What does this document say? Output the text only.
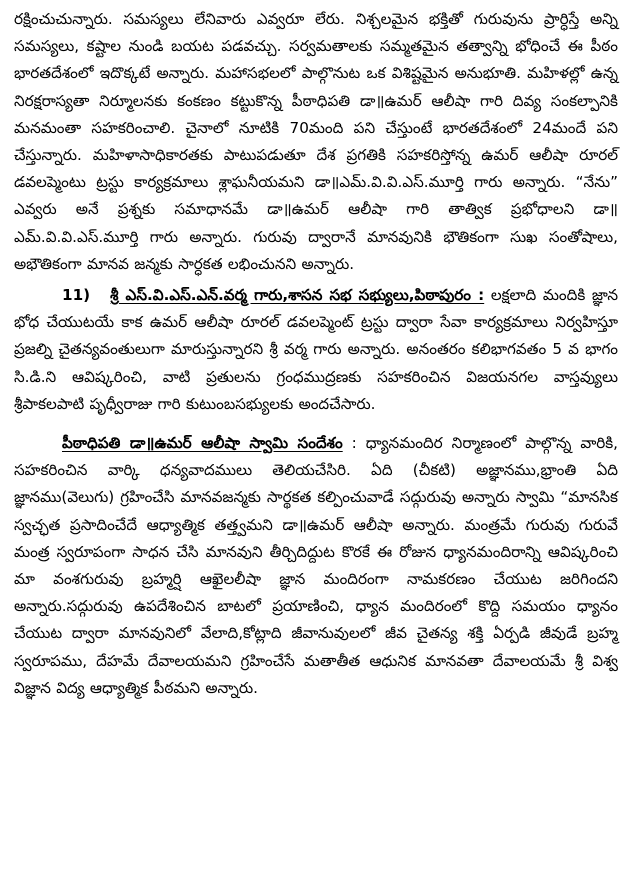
రక్షించుచున్నారు. సమస్యలు లేనివారు ఎవ్వరూ లేరు. నిశ్చలమైన భక్తితో గురువును ప్రార్ధిస్తే అన్ని సమస్యలు, కష్టాల నుండి బయట పడవచ్చు. సర్వమతాలకు సమ్మతమైన తత్వాన్ని భోధించే ఈ పీఠం భారతదేశంలో ఇదొక్కటే అన్నారు. మహాసభలలో పాల్గొనుట ఒక విశిష్టమైన అనుభూతి. మహిళల్లో ఉన్న నిరక్షరాస్యతా నిర్మూలనకు కంకణం కట్టుకొన్న పీఠాధిపతి డా॥ఉమర్ ఆలీషా గారి దివ్య సంకల్పానికి మనమంతా సహకరించాలి. చైనాలో నూటికి 70మంది పని చేస్తుంటే భారతదేశంలో 24మందే పని చేస్తున్నారు. మహిళాసాధికారతకు పాటుపడుతూ దేశ ప్రగతికి సహకరిస్తోన్న ఉమర్ ఆలీషా రూరల్ డవలప్మెంటు ట్రస్టు కార్యక్రమాలు శ్లాఘనీయమని డా॥ఎమ్.వి.వి.ఎస్.మూర్తి గారు అన్నారు. “నేను” ఎవ్వరు అనే ప్రశ్నకు సమాధానమే డా॥ఉమర్ ఆలీషా గారి తాత్విక ప్రభోధాలని డా॥ఎమ్.వి.వి.ఎస్.మూర్తి గారు అన్నారు. గురువు ద్వారానే మానవునికి భౌతికంగా సుఖ సంతోషాలు, అభౌతికంగా మానవ జన్మకు సార్ధకత లభించునని అన్నారు.

11) శ్రీ ఎస్.వి.ఎస్.ఎన్.వర్మ గారు,శాసన సభ సభ్యులు,పిఠాపురం : లక్షలాది మందికి జ్ఞాన భోధ చేయుటయే కాక ఉమర్ ఆలీషా రూరల్ డవలప్మెంట్ ట్రస్టు ద్వారా సేవా కార్యక్రమాలు నిర్వహిస్తూ ప్రజల్ని చైతన్యవంతులుగా మారుస్తున్నారని శ్రీ వర్మ గారు అన్నారు. అనంతరం కలిభాగవతం 5 వ భాగం సి.డి.ని ఆవిష్కరించి, వాటి ప్రతులను గ్రంధముద్రణకు సహకరించిన విజయనగల వాస్తవ్యులు శ్రీపాకలపాటి పృధ్వీరాజు గారి కుటుంబసభ్యులకు అందచేసారు.

పీఠాధిపతి డా॥ఉమర్ ఆలీషా స్వామి సందేశం : ధ్యానమందిర నిర్మాణంలో పాల్గొన్న వారికి, సహకరించిన వార్కి ధన్యవాదములు తెలియచేసిరి. ఏది (చీకటి) అజ్ఞానము,భ్రాంతి ఏది జ్ఞానము(వెలుగు) గ్రహించేసి మానవజన్మకు సార్థకత కల్పించువాడే సద్గురువు అన్నారు స్వామి “మానసిక స్వచ్ఛత ప్రసాదించేదే ఆధ్యాత్మిక తత్త్వమని డా॥ఉమర్ ఆలీషా అన్నారు. మంత్రమే గురువు గురువే మంత్ర స్వరూపంగా సాధన చేసి మానవుని తీర్చిదిద్దుట కొరకే ఈ రోజున ధ్యానమందిరాన్ని ఆవిష్కరించి మా వంశగురువు బ్రహ్మర్షి ఆఖైలలీషా జ్ఞాన మందిరంగా నామకరణం చేయుట జరిగిందని అన్నారు.సద్గురువు ఉపదేశించిన బాటలో ప్రయాణించి, ధ్యాన మందిరంలో కొద్ది సమయం ధ్యానం చేయుట ద్వారా మానవునిలో వేలాది,కోట్లాది జీవానువులలో జీవ చైతన్య శక్తి ఏర్పడి జీవుడే బ్రహ్మ స్వరూపము, దేహమే దేవాలయమని గ్రహించేసే మతాతీత ఆధునిక మానవతా దేవాలయమే శ్రీ విశ్వ విజ్ఞాన విద్య ఆధ్యాత్మిక పీఠమని అన్నారు.
